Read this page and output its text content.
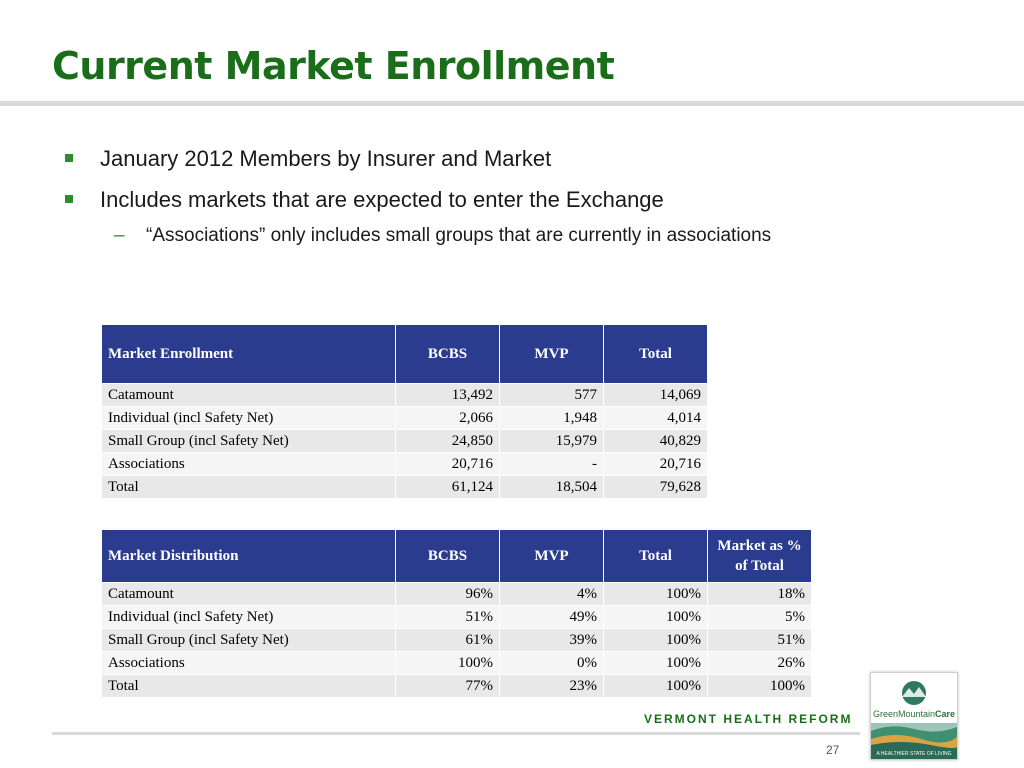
Current Market Enrollment
January 2012 Members by Insurer and Market
Includes markets that are expected to enter the Exchange
– “Associations” only includes small groups that are currently in associations
Market Enrollment	BCBS	MVP	Total
Catamount	13,492	577	14,069
Individual (incl Safety Net)	2,066	1,948	4,014
Small Group (incl Safety Net)	24,850	15,979	40,829
Associations	20,716	-	20,716
Total	61,124	18,504	79,628
Market Distribution	BCBS	MVP	Total	Market as % of Total
Catamount	96%	4%	100%	18%
Individual (incl Safety Net)	51%	49%	100%	5%
Small Group (incl Safety Net)	61%	39%	100%	51%
Associations	100%	0%	100%	26%
Total	77%	23%	100%	100%
GreenMountainCare
A HEALTHIER STATE OF LIVING
VERMONT HEALTH REFORM
27
